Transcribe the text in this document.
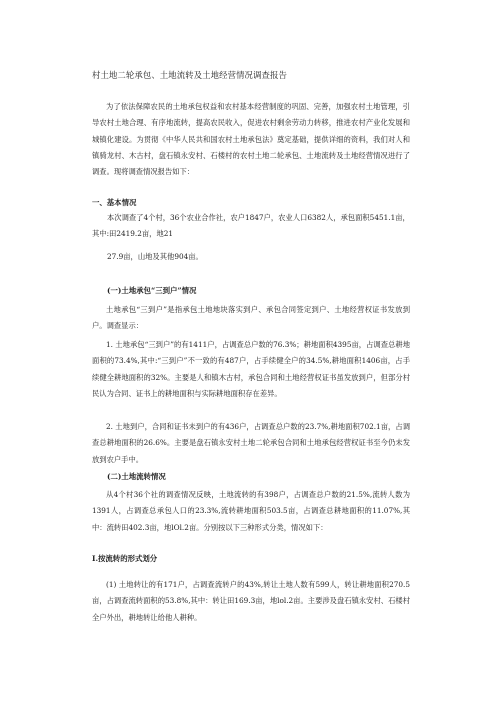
村土地二轮承包、土地流转及土地经营情况调查报告
为了依法保障农民的土地承包权益和农村基本经营制度的巩固、完善，加强农村土地管理，引导农村土地合理、有序地流转，提高农民收入，促进农村剩余劳动力转移，推进农村产业化发展和城镇化建设。为贯彻《中华人民共和国农村土地承包法》奠定基础，提供详细的资料，我们对人和镇骑龙村、木古村，盘石镇永安村、石楼村的农村土地二轮承包、土地流转及土地经营情况进行了调查。现将调查情况报告如下：
一、基本情况
本次调查了4个村，36个农业合作社，农户1847户，农业人口6382人，承包面积5451.1亩，
其中:田2419.2亩，地21
27.9亩，山地及其他904亩。
(一)土地承包“三到户”情况
土地承包“三到户”是指承包土地地块落实到户、承包合同签定到户、土地经营权证书发放到户。调查显示：
1. 土地承包“三到户”的有1411户，占调查总户数的76.3%；耕地面积4395亩，占调查总耕地面积的73.4%,其中:“三到户”不一致的有487户，占手续健全户的34.5%,耕地面积1406亩，占手续健全耕地面积的32%。主要是人和镇木古村，承包合同和土地经营权证书虽发放到户，但部分村民认为合同、证书上的耕地面积与实际耕地面积存在差异。
2. 土地到户，合同和证书未到户的有436户，占调查总户数的23.7%,耕地面积702.1亩，占调查总耕地面积的26.6%。主要是盘石镇永安村土地二轮承包合同和土地承包经营权证书至今仍未发放到农户手中。
(二)土地流转情况
从4个村36个社的调查情况反映，土地流转的有398户，占调查总户数的21.5%,流转人数为1391人，占调查总承包人口的23.3%,流转耕地面积503.5亩，占调查总耕地面积的11.07%,其中：流转田402.3亩，地lOl.2亩。分别按以下三种形式分类，情况如下：
I.按流转的形式划分
(1) 土地转让的有171户，占调查流转户的43%,转让土地人数有599人，转让耕地面积270.5亩，占调查流转面积的53.8%,其中：转让田169.3亩，地lol.2亩。主要涉及盘石镇永安村、石楼村全户外出，耕地转让给他人耕种。
